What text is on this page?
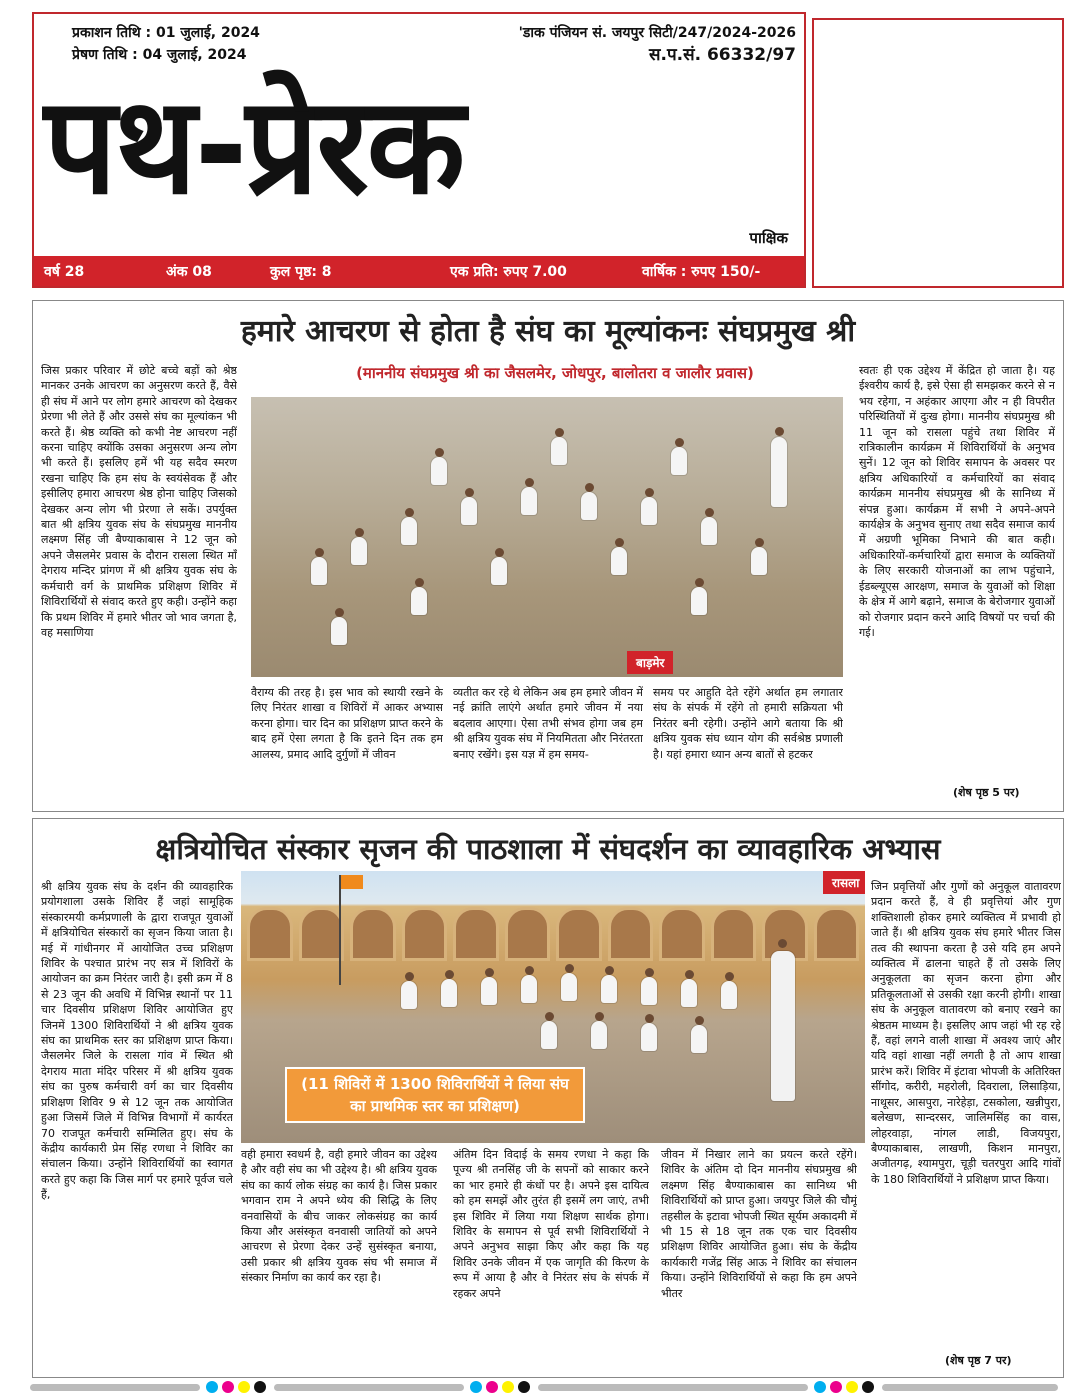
प्रकाशन तिथि : 01 जुलाई, 2024
प्रेषण तिथि : 04 जुलाई, 2024
'डाक पंजियन सं. जयपुर सिटी/247/2024-2026
स.प.सं. 66332/97
पथ-प्रेरक
पाक्षिक
वर्ष 28	अंक 08	कुल पृष्ठ: 8	एक प्रति: रुपए 7.00	वार्षिक : रुपए 150/-
हमारे आचरण से होता है संघ का मूल्यांकनः संघप्रमुख श्री
(माननीय संघप्रमुख श्री का जैसलमेर, जोधपुर, बालोतरा व जालौर प्रवास)
जिस प्रकार परिवार में छोटे बच्चे बड़ों को श्रेष्ठ मानकर उनके आचरण का अनुसरण करते हैं, वैसे ही संघ में आने पर लोग हमारे आचरण को देखकर प्रेरणा भी लेते हैं और उससे संघ का मूल्यांकन भी करते हैं। श्रेष्ठ व्यक्ति को कभी नेष्ट आचरण नहीं करना चाहिए क्योंकि उसका अनुसरण अन्य लोग भी करते हैं। इसलिए हमें भी यह सदैव स्मरण रखना चाहिए कि हम संघ के स्वयंसेवक हैं और इसीलिए हमारा आचरण श्रेष्ठ होना चाहिए जिसको देखकर अन्य लोग भी प्रेरणा ले सकें। उपर्युक्त बात श्री क्षत्रिय युवक संघ के संघप्रमुख माननीय लक्ष्मण सिंह जी बैण्याकाबास ने 12 जून को अपने जैसलमेर प्रवास के दौरान रासला स्थित माँ देगराय मन्दिर प्रांगण में श्री क्षत्रिय युवक संघ के कर्मचारी वर्ग के प्राथमिक प्रशिक्षण शिविर में शिविरार्थियों से संवाद करते हुए कही। उन्होंने कहा कि प्रथम शिविर में हमारे भीतर जो भाव जगता है, वह मसाणिया
बाड़मेर
वैराग्य की तरह है। इस भाव को स्थायी रखने के लिए निरंतर शाखा व शिविरों में आकर अभ्यास करना होगा। चार दिन का प्रशिक्षण प्राप्त करने के बाद हमें ऐसा लगता है कि इतने दिन तक हम आलस्य, प्रमाद आदि दुर्गुणों में जीवन
व्यतीत कर रहे थे लेकिन अब हम हमारे जीवन में नई क्रांति लाएंगे अर्थात हमारे जीवन में नया बदलाव आएगा। ऐसा तभी संभव होगा जब हम श्री क्षत्रिय युवक संघ में नियमितता और निरंतरता बनाए रखेंगे। इस यज्ञ में हम समय-
समय पर आहुति देते रहेंगे अर्थात हम लगातार संघ के संपर्क में रहेंगे तो हमारी सक्रियता भी निरंतर बनी रहेगी। उन्होंने आगे बताया कि श्री क्षत्रिय युवक संघ ध्यान योग की सर्वश्रेष्ठ प्रणाली है। यहां हमारा ध्यान अन्य बातों से हटकर
स्वतः ही एक उद्देश्य में केंद्रित हो जाता है। यह ईश्वरीय कार्य है, इसे ऐसा ही समझकर करने से न भय रहेगा, न अहंकार आएगा और न ही विपरीत परिस्थितियों में दुःख होगा। माननीय संघप्रमुख श्री 11 जून को रासला पहुंचे तथा शिविर में रात्रिकालीन कार्यक्रम में शिविरार्थियों के अनुभव सुनें। 12 जून को शिविर समापन के अवसर पर क्षत्रिय अधिकारियों व कर्मचारियों का संवाद कार्यक्रम माननीय संघप्रमुख श्री के सानिध्य में संपन्न हुआ। कार्यक्रम में सभी ने अपने-अपने कार्यक्षेत्र के अनुभव सुनाए तथा सदैव समाज कार्य में अग्रणी भूमिका निभाने की बात कही। अधिकारियों-कर्मचारियों द्वारा समाज के व्यक्तियों के लिए सरकारी योजनाओं का लाभ पहुंचाने, ईडब्ल्यूएस आरक्षण, समाज के युवाओं को शिक्षा के क्षेत्र में आगे बढ़ाने, समाज के बेरोजगार युवाओं को रोजगार प्रदान करने आदि विषयों पर चर्चा की गई।
(शेष पृष्ठ 5 पर)
क्षत्रियोचित संस्कार सृजन की पाठशाला में संघदर्शन का व्यावहारिक अभ्यास
श्री क्षत्रिय युवक संघ के दर्शन की व्यावहारिक प्रयोगशाला उसके शिविर हैं जहां सामूहिक संस्कारमयी कर्मप्रणाली के द्वारा राजपूत युवाओं में क्षत्रियोचित संस्कारों का सृजन किया जाता है। मई में गांधीनगर में आयोजित उच्च प्रशिक्षण शिविर के पश्चात प्रारंभ नए सत्र में शिविरों के आयोजन का क्रम निरंतर जारी है। इसी क्रम में 8 से 23 जून की अवधि में विभिन्न स्थानों पर 11 चार दिवसीय प्रशिक्षण शिविर आयोजित हुए जिनमें 1300 शिविरार्थियों ने श्री क्षत्रिय युवक संघ का प्राथमिक स्तर का प्रशिक्षण प्राप्त किया। जैसलमेर जिले के रासला गांव में स्थित श्री देगराय माता मंदिर परिसर में श्री क्षत्रिय युवक संघ का पुरुष कर्मचारी वर्ग का चार दिवसीय प्रशिक्षण शिविर 9 से 12 जून तक आयोजित हुआ जिसमें जिले में विभिन्न विभागों में कार्यरत 70 राजपूत कर्मचारी सम्मिलित हुए। संघ के केंद्रीय कार्यकारी प्रेम सिंह रणधा ने शिविर का संचालन किया। उन्होंने शिविरार्थियों का स्वागत करते हुए कहा कि जिस मार्ग पर हमारे पूर्वज चले हैं,
रासला
(11 शिविरों में 1300 शिविरार्थियों ने लिया संघ का प्राथमिक स्तर का प्रशिक्षण)
वही हमारा स्वधर्म है, वही हमारे जीवन का उद्देश्य है और वही संघ का भी उद्देश्य है। श्री क्षत्रिय युवक संघ का कार्य लोक संग्रह का कार्य है। जिस प्रकार भगवान राम ने अपने ध्येय की सिद्धि के लिए वनवासियों के बीच जाकर लोकसंग्रह का कार्य किया और असंस्कृत वनवासी जातियों को अपने आचरण से प्रेरणा देकर उन्हें सुसंस्कृत बनाया, उसी प्रकार श्री क्षत्रिय युवक संघ भी समाज में संस्कार निर्माण का कार्य कर रहा है।
अंतिम दिन विदाई के समय रणधा ने कहा कि पूज्य श्री तनसिंह जी के सपनों को साकार करने का भार हमारे ही कंधों पर है। अपने इस दायित्व को हम समझें और तुरंत ही इसमें लग जाएं, तभी इस शिविर में लिया गया शिक्षण सार्थक होगा। शिविर के समापन से पूर्व सभी शिविरार्थियों ने अपने अनुभव साझा किए और कहा कि यह शिविर उनके जीवन में एक जागृति की किरण के रूप में आया है और वे निरंतर संघ के संपर्क में रहकर अपने
जीवन में निखार लाने का प्रयत्न करते रहेंगे। शिविर के अंतिम दो दिन माननीय संघप्रमुख श्री लक्ष्मण सिंह बैण्याकाबास का सानिध्य भी शिविरार्थियों को प्राप्त हुआ। जयपुर जिले की चौमूं तहसील के इटावा भोपजी स्थित सूर्यम अकादमी में भी 15 से 18 जून तक एक चार दिवसीय प्रशिक्षण शिविर आयोजित हुआ। संघ के केंद्रीय कार्यकारी गजेंद्र सिंह आऊ ने शिविर का संचालन किया। उन्होंने शिविरार्थियों से कहा कि हम अपने भीतर
जिन प्रवृत्तियों और गुणों को अनुकूल वातावरण प्रदान करते हैं, वे ही प्रवृत्तियां और गुण शक्तिशाली होकर हमारे व्यक्तित्व में प्रभावी हो जाते हैं। श्री क्षत्रिय युवक संघ हमारे भीतर जिस तत्व की स्थापना करता है उसे यदि हम अपने व्यक्तित्व में ढालना चाहते हैं तो उसके लिए अनुकूलता का सृजन करना होगा और प्रतिकूलताओं से उसकी रक्षा करनी होगी। शाखा संघ के अनुकूल वातावरण को बनाए रखने का श्रेष्ठतम माध्यम है। इसलिए आप जहां भी रह रहे हैं, वहां लगने वाली शाखा में अवश्य जाएं और यदि वहां शाखा नहीं लगती है तो आप शाखा प्रारंभ करें। शिविर में इंटावा भोपजी के अतिरिक्त सींगोद, करीरी, महरोली, दिवराला, लिसाड़िया, नाथूसर, आसपुरा, नारेहेड़ा, टसकोला, खन्नीपुरा, बलेखण, सान्दरसर, जालिमसिंह का वास, लोहरवाड़ा, नांगल लाडी, विजयपुरा, बैण्याकाबास, लाखणी, किशन मानपुरा, अजीतगढ़, श्यामपुरा, चूड़ी चतरपुरा आदि गांवों के 180 शिविरार्थियों ने प्रशिक्षण प्राप्त किया।
(शेष पृष्ठ 7 पर)
